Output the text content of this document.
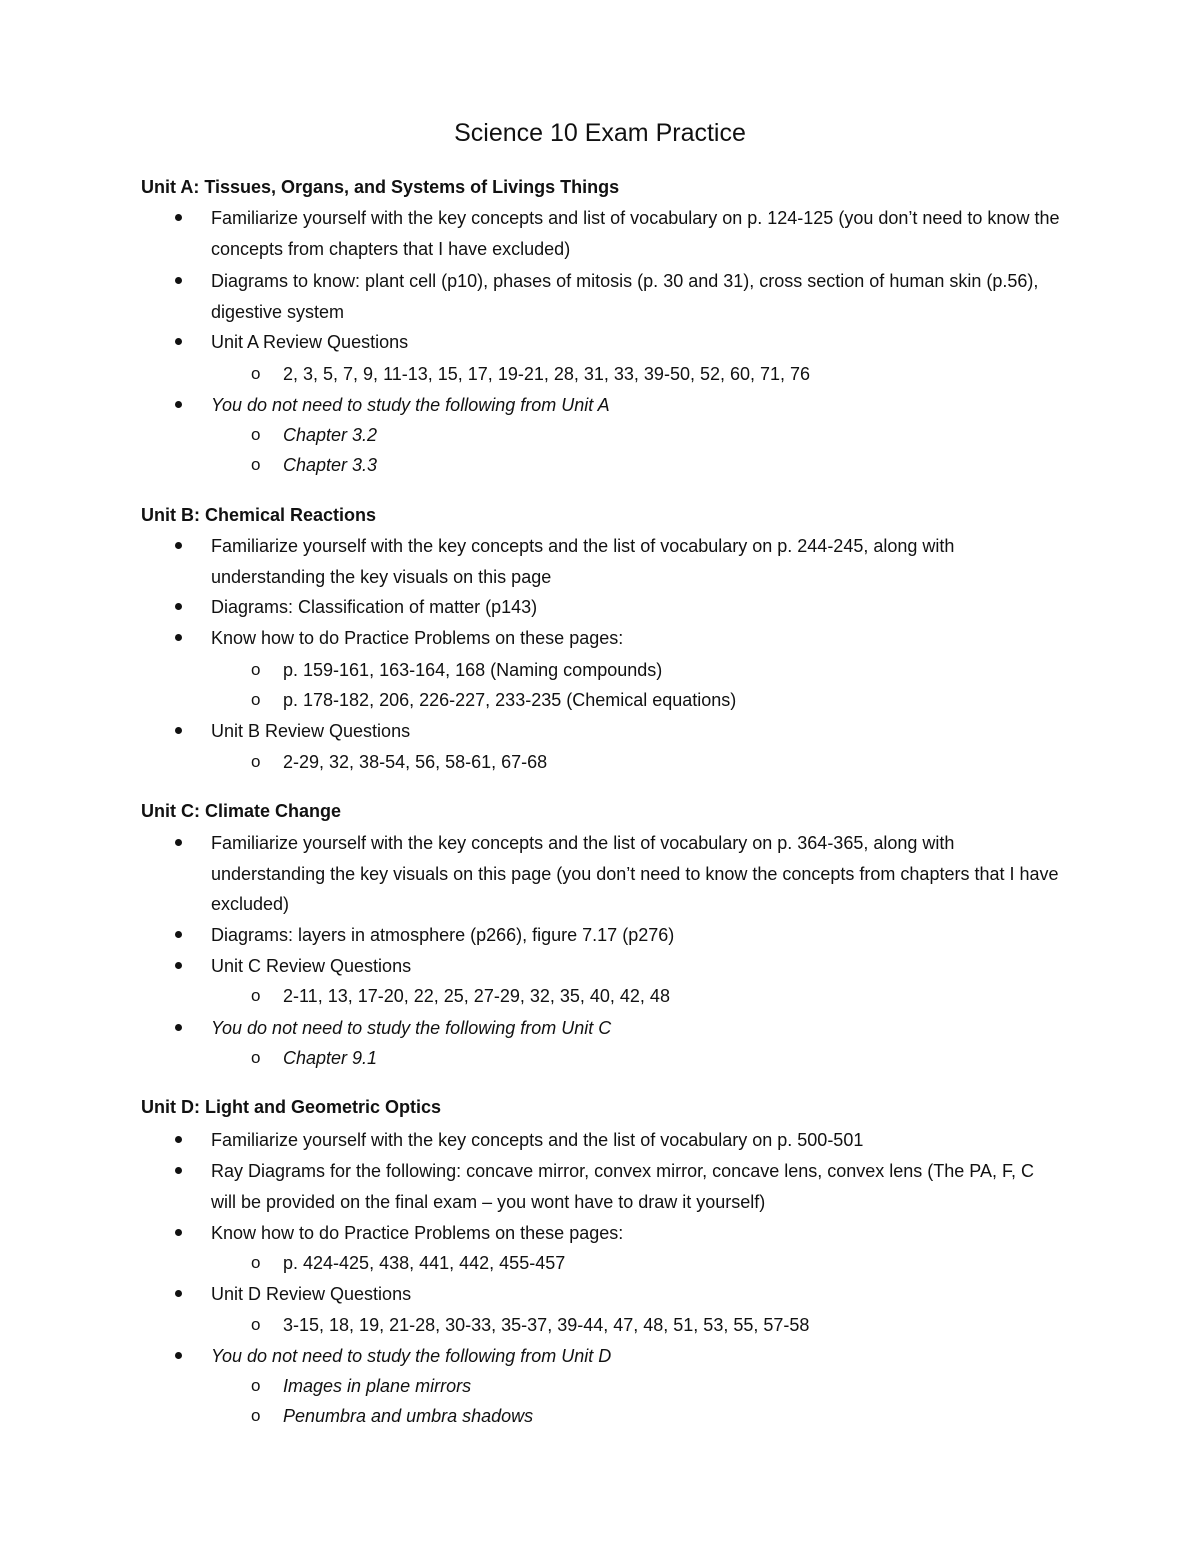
Science 10 Exam Practice
Unit A: Tissues, Organs, and Systems of Livings Things
Familiarize yourself with the key concepts and list of vocabulary on p. 124-125 (you don’t need to know the concepts from chapters that I have excluded)
Diagrams to know: plant cell (p10), phases of mitosis (p. 30 and 31), cross section of human skin (p.56), digestive system
Unit A Review Questions
o 2, 3, 5, 7, 9, 11-13, 15, 17, 19-21, 28, 31, 33, 39-50, 52, 60, 71, 76
You do not need to study the following from Unit A
o Chapter 3.2
o Chapter 3.3
Unit B: Chemical Reactions
Familiarize yourself with the key concepts and the list of vocabulary on p. 244-245, along with understanding the key visuals on this page
Diagrams: Classification of matter (p143)
Know how to do Practice Problems on these pages:
o p. 159-161, 163-164, 168 (Naming compounds)
o p. 178-182, 206, 226-227, 233-235 (Chemical equations)
Unit B Review Questions
o 2-29, 32, 38-54, 56, 58-61, 67-68
Unit C: Climate Change
Familiarize yourself with the key concepts and the list of vocabulary on p. 364-365, along with understanding the key visuals on this page (you don’t need to know the concepts from chapters that I have excluded)
Diagrams: layers in atmosphere (p266), figure 7.17 (p276)
Unit C Review Questions
o 2-11, 13, 17-20, 22, 25, 27-29, 32, 35, 40, 42, 48
You do not need to study the following from Unit C
o Chapter 9.1
Unit D: Light and Geometric Optics
Familiarize yourself with the key concepts and the list of vocabulary on p. 500-501
Ray Diagrams for the following: concave mirror, convex mirror, concave lens, convex lens (The PA, F, C will be provided on the final exam – you wont have to draw it yourself)
Know how to do Practice Problems on these pages:
o p. 424-425, 438, 441, 442, 455-457
Unit D Review Questions
o 3-15, 18, 19, 21-28, 30-33, 35-37, 39-44, 47, 48, 51, 53, 55, 57-58
You do not need to study the following from Unit D
o Images in plane mirrors
o Penumbra and umbra shadows
